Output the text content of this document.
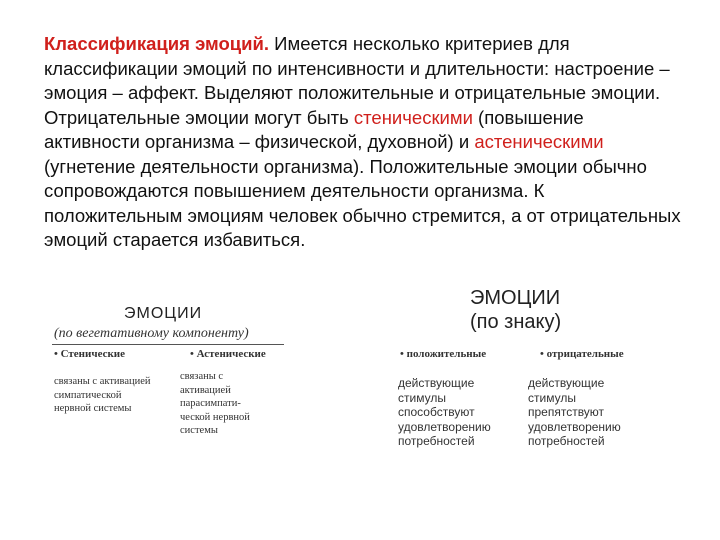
Классификация эмоций. Имеется несколько критериев для классификации эмоций по интенсивности и длительности: настроение – эмоция – аффект. Выделяют положительные и отрицательные эмоции. Отрицательные эмоции могут быть стеническими (повышение активности организма – физической, духовной) и астеническими (угнетение деятельности организма). Положительные эмоции обычно сопровождаются повышением деятельности организма. К положительным эмоциям человек обычно стремится, а от отрицательных эмоций старается избавиться.
ЭМОЦИИ
(по вегетативному компоненту)
• Стенические	• Астенические
связаны с активацией
симпатической
нервной системы
связаны с
активацией
парасимпати-
ческой нервной
системы
ЭМОЦИИ
(по знаку)
• положительные	• отрицательные
действующие
стимулы
способствуют
удовлетворению
потребностей
действующие
стимулы
препятствуют
удовлетворению
потребностей
